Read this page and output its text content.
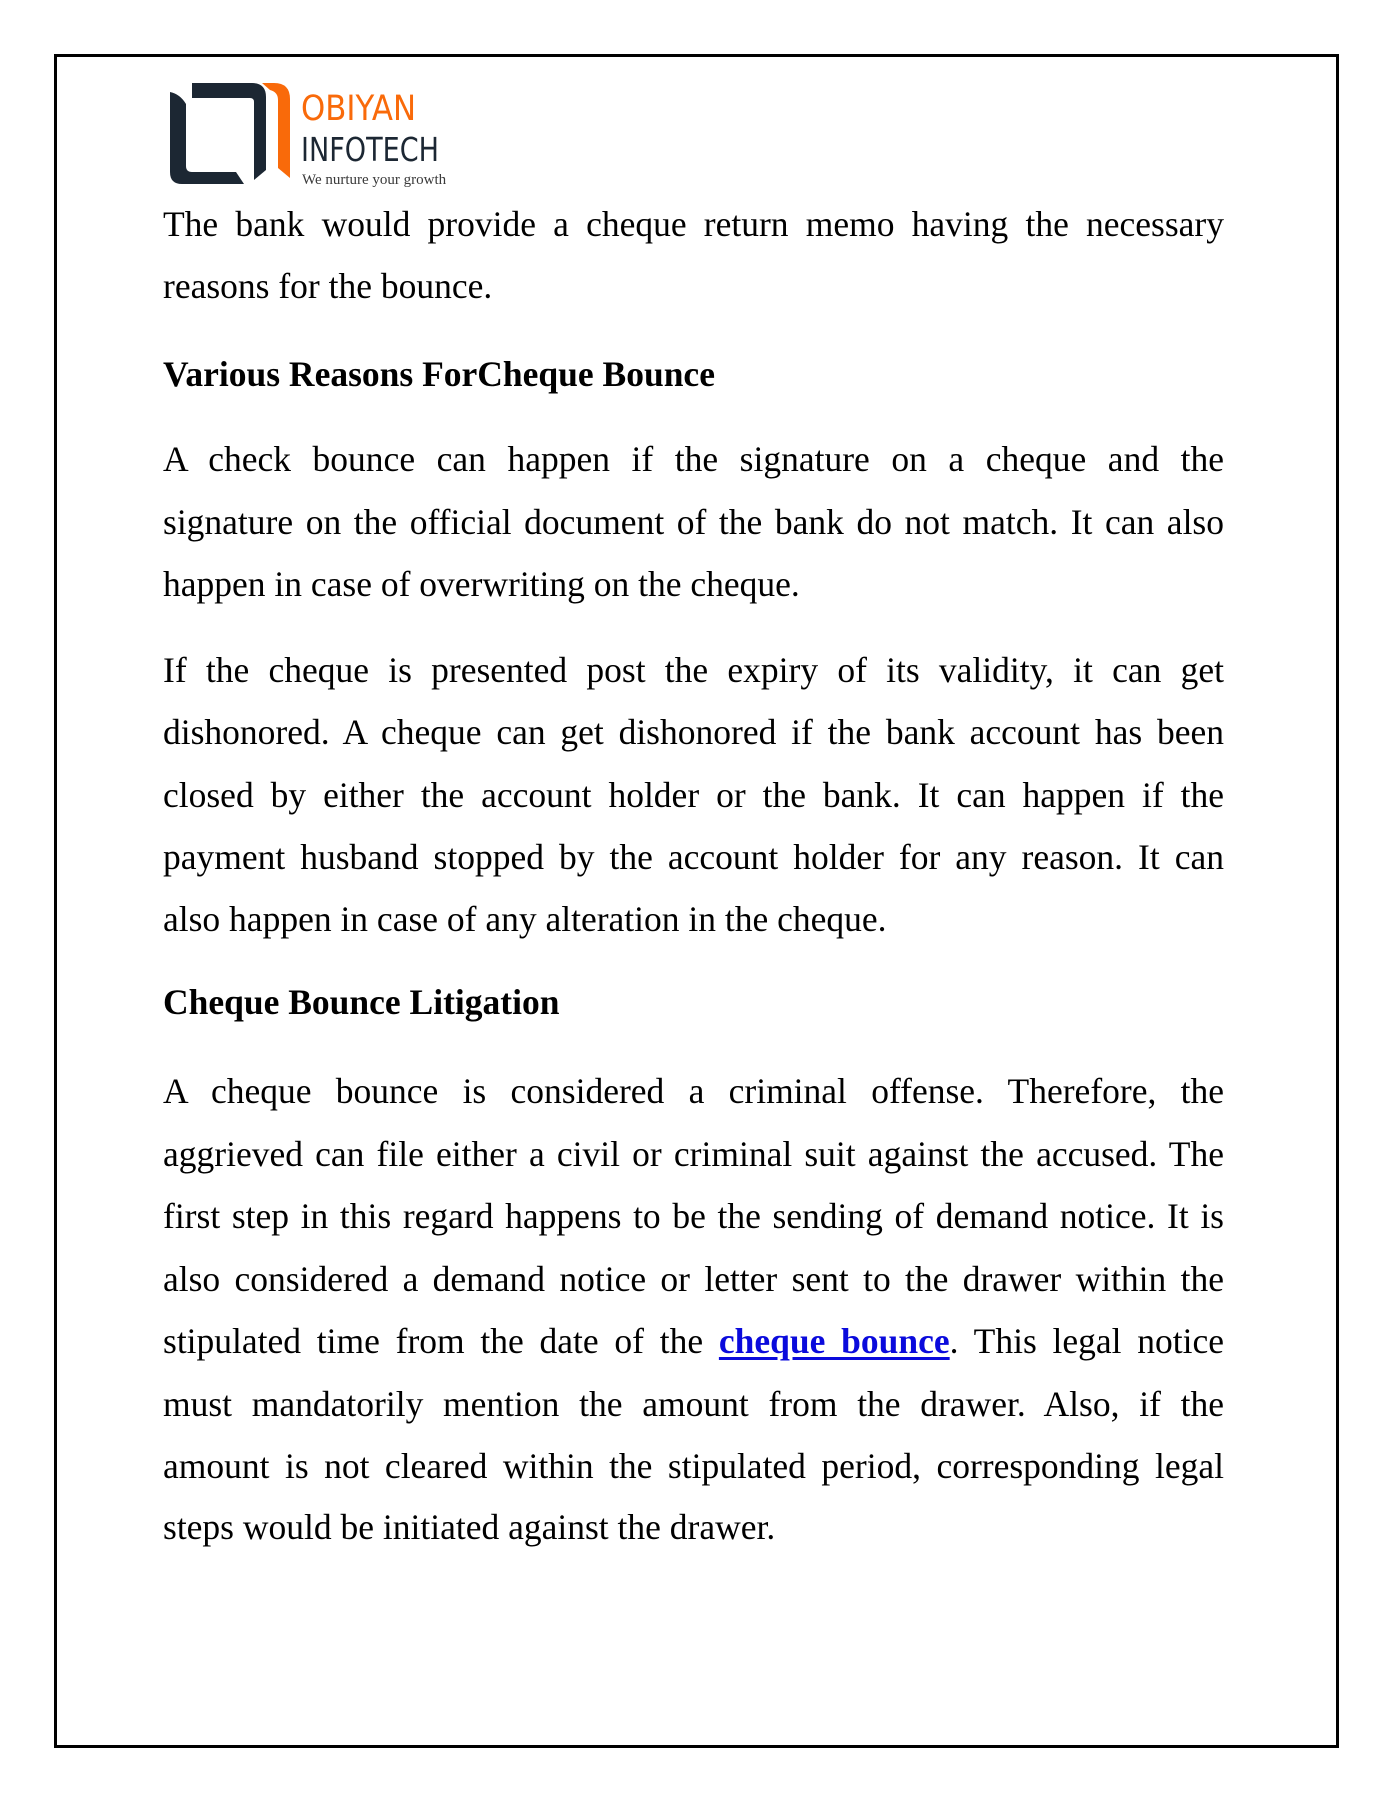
OBIYAN
INFOTECH
We nurture your growth
The bank would provide a cheque return memo having the necessary
reasons for the bounce.
Various Reasons ForCheque Bounce
A check bounce can happen if the signature on a cheque and the
signature on the official document of the bank do not match. It can also
happen in case of overwriting on the cheque.
If the cheque is presented post the expiry of its validity, it can get
dishonored. A cheque can get dishonored if the bank account has been
closed by either the account holder or the bank. It can happen if the
payment husband stopped by the account holder for any reason. It can
also happen in case of any alteration in the cheque.
Cheque Bounce Litigation
A cheque bounce is considered a criminal offense. Therefore, the
aggrieved can file either a civil or criminal suit against the accused. The
first step in this regard happens to be the sending of demand notice. It is
also considered a demand notice or letter sent to the drawer within the
stipulated time from the date of the cheque bounce. This legal notice
must mandatorily mention the amount from the drawer. Also, if the
amount is not cleared within the stipulated period, corresponding legal
steps would be initiated against the drawer.
